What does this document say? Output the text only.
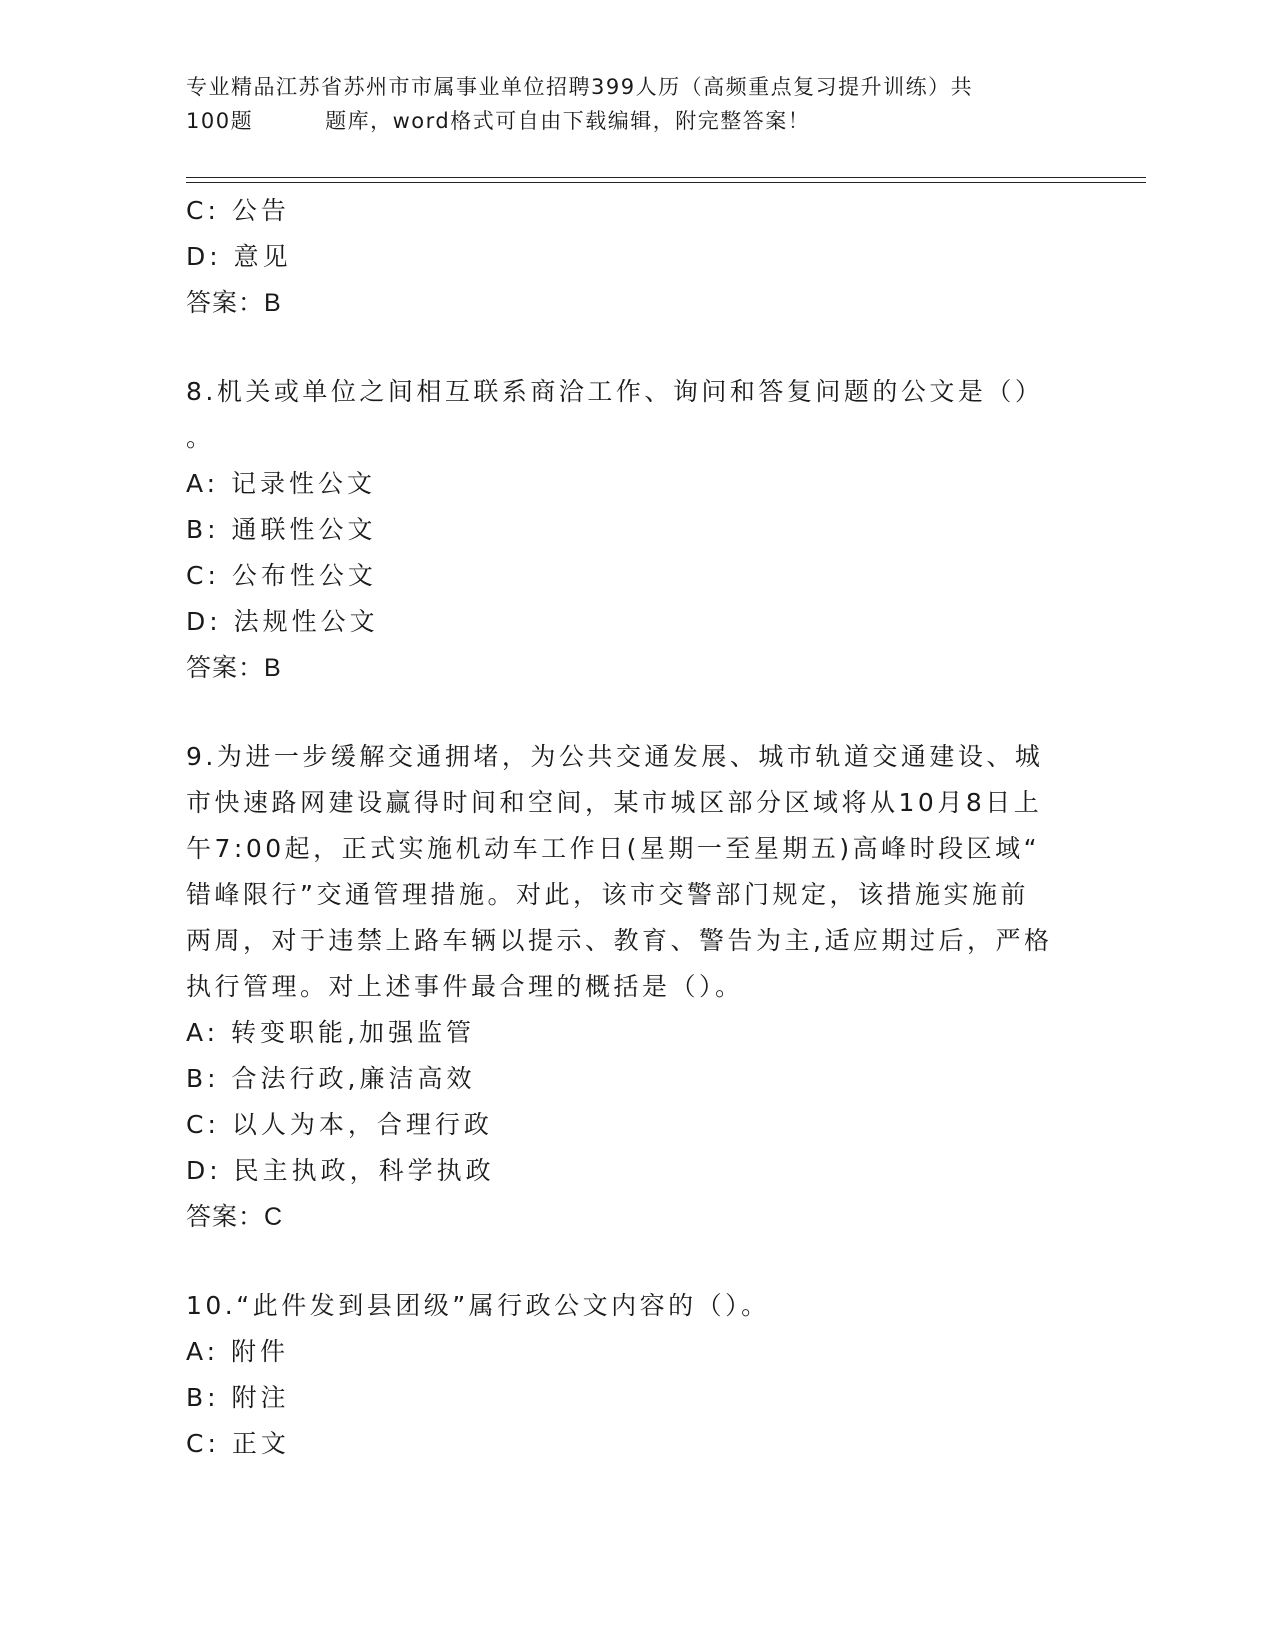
专业精品江苏省苏州市市属事业单位招聘399人历（高频重点复习提升训练）共
100题	题库，word格式可自由下载编辑，附完整答案！
C: 公告
D: 意见
答案：B
8.机关或单位之间相互联系商洽工作、询问和答复问题的公文是（）
。
A: 记录性公文
B: 通联性公文
C: 公布性公文
D: 法规性公文
答案：B
9.为进一步缓解交通拥堵，为公共交通发展、城市轨道交通建设、城
市快速路网建设赢得时间和空间，某市城区部分区域将从10月8日上
午7:00起，正式实施机动车工作日(星期一至星期五)高峰时段区域“
错峰限行”交通管理措施。对此，该市交警部门规定，该措施实施前
两周，对于违禁上路车辆以提示、教育、警告为主,适应期过后，严格
执行管理。对上述事件最合理的概括是（）。
A: 转变职能,加强监管
B: 合法行政,廉洁高效
C: 以人为本，合理行政
D: 民主执政，科学执政
答案：C
10.“此件发到县团级”属行政公文内容的（）。
A: 附件
B: 附注
C: 正文
